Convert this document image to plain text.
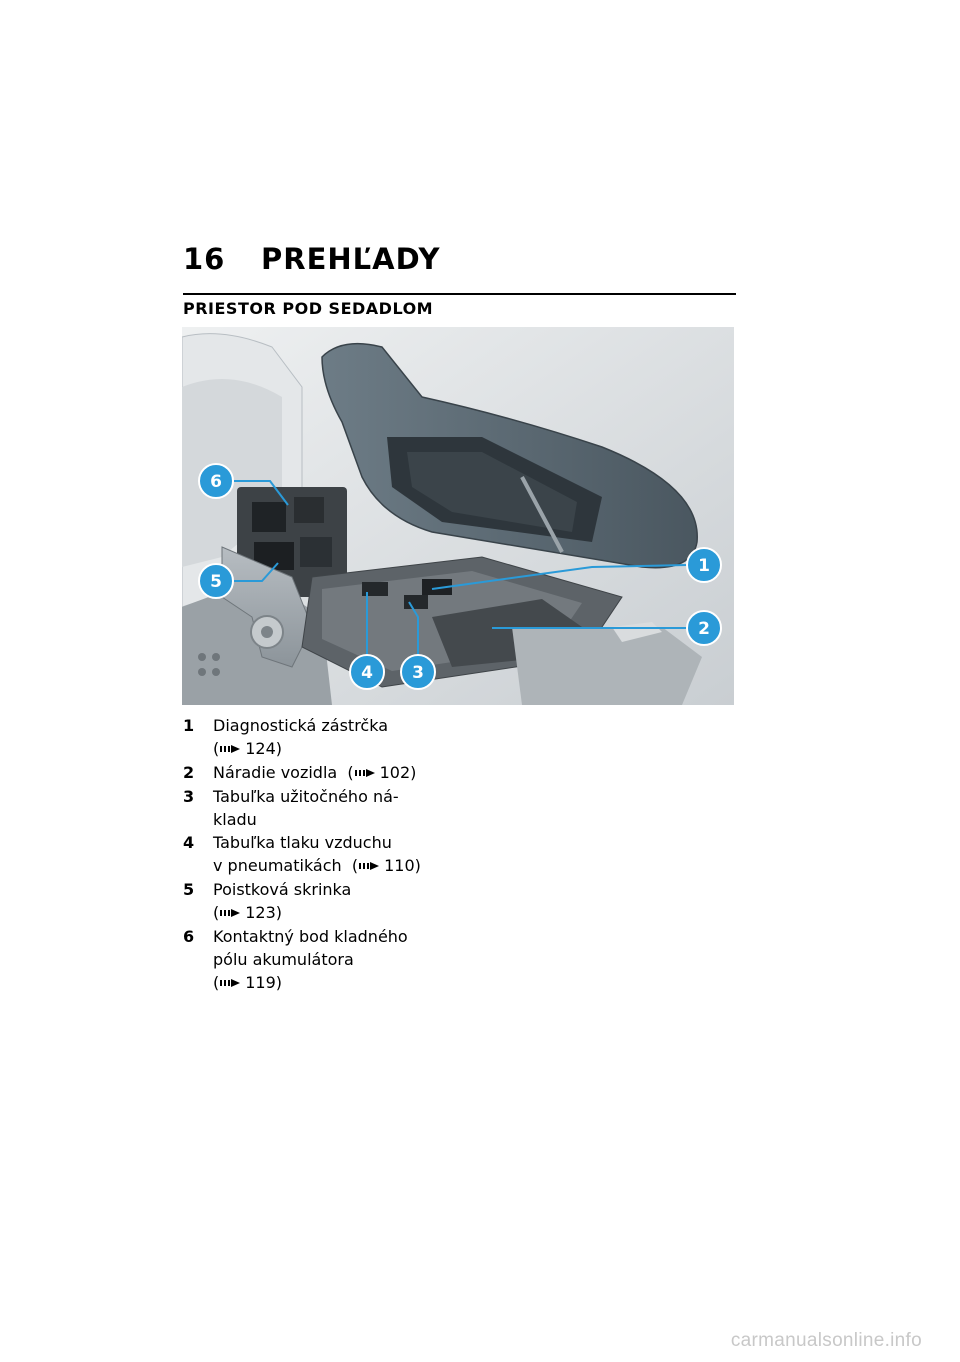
16 PREHĽADY
PRIESTOR POD SEDADLOM
6
5
1
2
4 3
1	Diagnostická zástrčka
( 124)
2	Náradie vozidla ( 102)
3	Tabuľka užitočného ná-
kladu
4	Tabuľka tlaku vzduchu
v pneumatikách ( 110)
5	Poistková skrinka
( 123)
6	Kontaktný bod kladného
pólu akumulátora
( 119)
carmanualsonline.info
